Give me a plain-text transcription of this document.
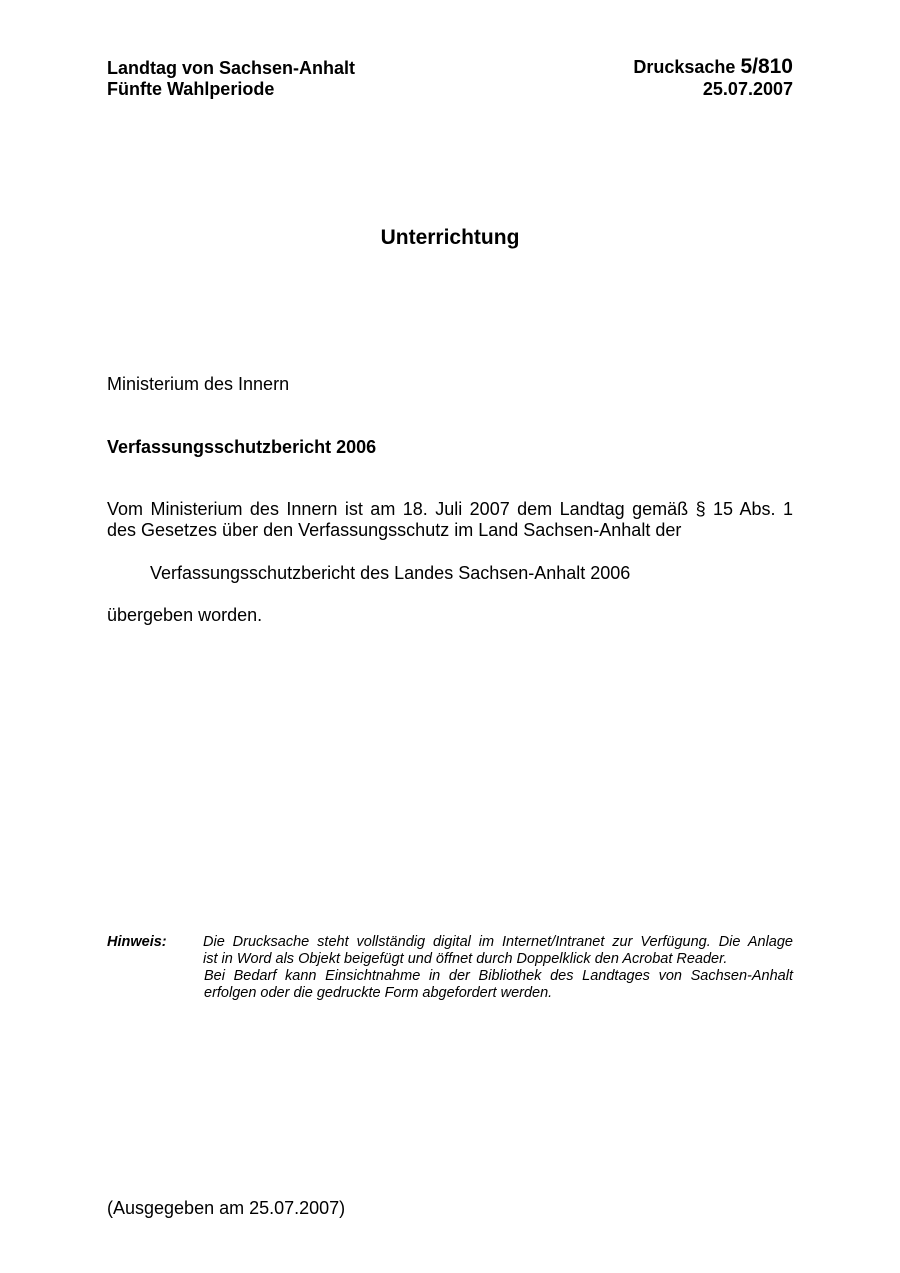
Landtag von Sachsen-Anhalt
Fünfte Wahlperiode
Drucksache 5/810
25.07.2007
Unterrichtung
Ministerium des Innern
Verfassungsschutzbericht 2006
Vom Ministerium des Innern ist am 18. Juli 2007 dem Landtag gemäß § 15 Abs. 1
des Gesetzes über den Verfassungsschutz im Land Sachsen-Anhalt der
Verfassungsschutzbericht des Landes Sachsen-Anhalt 2006
übergeben worden.
Hinweis:	Die Drucksache steht vollständig digital im Internet/Intranet zur Verfügung. Die Anlage
ist in Word als Objekt beigefügt und öffnet durch Doppelklick den Acrobat Reader.
Bei Bedarf kann Einsichtnahme in der Bibliothek des Landtages von Sachsen-Anhalt
erfolgen oder die gedruckte Form abgefordert werden.
(Ausgegeben am 25.07.2007)
